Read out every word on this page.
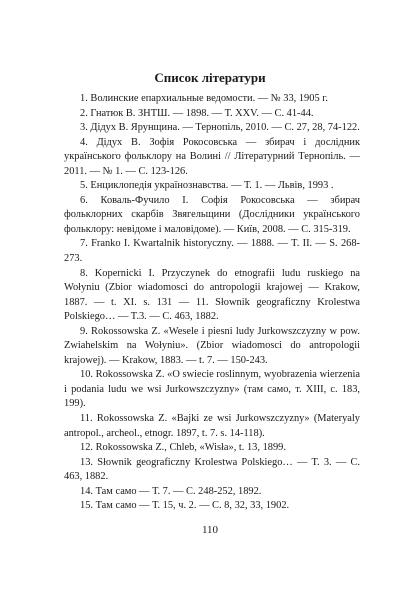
Список літератури

1. Волинские епархиальные ведомости. — № 33, 1905 г.

2. Гнатюк В. ЗНТШ. — 1898. — Т. XXV. — С. 41-44.

3. Дідух В. Ярунщина. — Тернопіль, 2010. — С. 27, 28, 74-122.

4. Дідух В. Зофія Рокосовська — збирач і дослідник українського фольклору на Волині // Літературний Тернопіль. — 2011. — № 1. — С. 123-126.

5. Енциклопедія українознавства. — Т. 1. — Львів, 1993 .

6. Коваль-Фучило І. Софія Рокосовська — збирач фольклорних скарбів Звягельщини (Дослідники українського фольклору: невідоме і маловідоме). — Київ, 2008. — С. 315-319.

7. Franko I. Kwartalnik historyczny. — 1888. — T. II. — S. 268-273.

8. Kopernicki I. Przyczynek do etnografii ludu ruskiego na Wołyniu (Zbior wiadomosci do antropologii krajowej — Krakow, 1887. — t. XI. s. 131 — 11. Słownik geograficzny Krolestwa Polskiego… — T.3. — С. 463, 1882.

9. Rokossowska Z. «Wesele i piesni ludy Jurkowszczyzny w pow. Zwiahelskim na Wołyniu». (Zbior wiadomosci do antropologii krajowej). — Krakow, 1883. — t. 7. — 150-243.

10. Rokossowska Z. «O swiecie roslinnym, wyobrazenia wierzenia i podania ludu we wsi Jurkowszczyzny» (там само, т. XIII, с. 183, 199).

11. Rokossowska Z. «Bajki ze wsi Jurkowszczyzny» (Materyaly antropol., archeol., etnogr. 1897, t. 7. s. 14-118).

12. Rokossowska Z., Chleb, «Wisła», t. 13, 1899.

13. Słownik geograficzny Krolestwa Polskiego… — T. 3. — C. 463, 1882.

14. Там само — Т. 7. — С. 248-252, 1892.

15. Там само — Т. 15, ч. 2. — С. 8, 32, 33, 1902.

110
